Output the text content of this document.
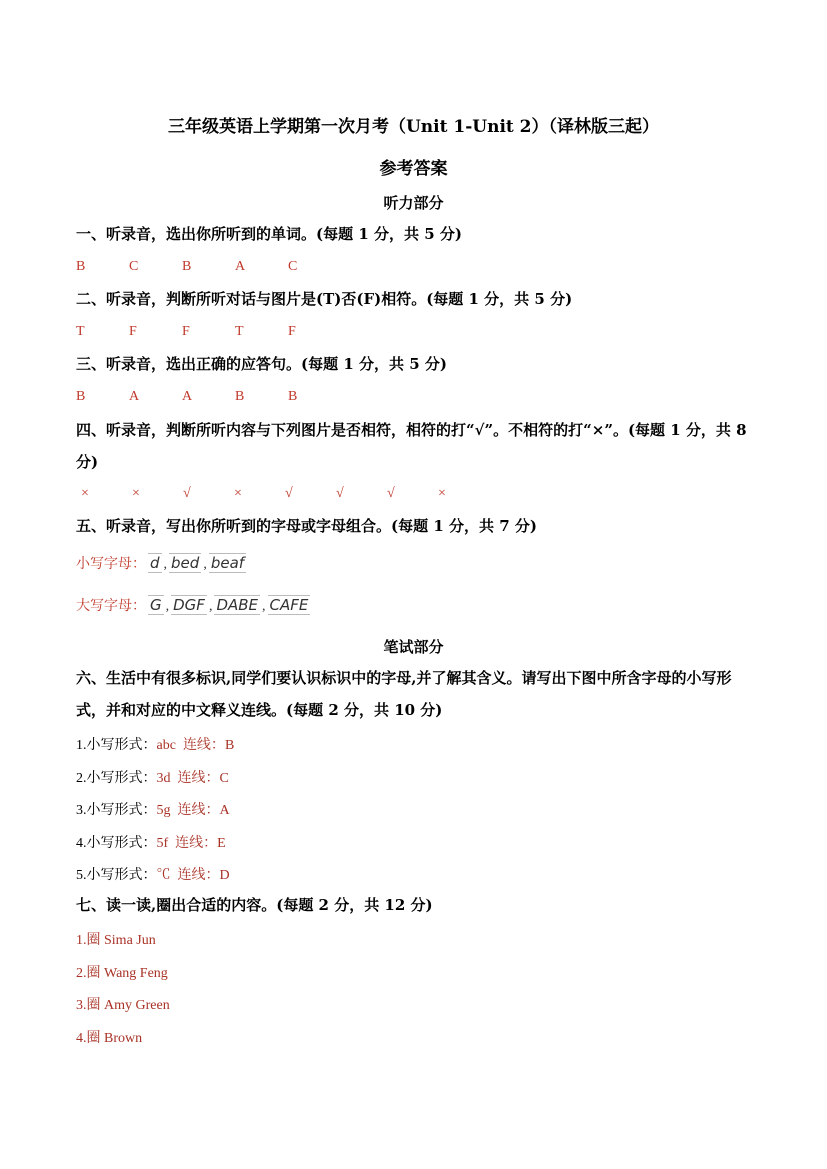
三年级英语上学期第一次月考（Unit 1-Unit 2）（译林版三起）
参考答案
听力部分
一、听录音，选出你所听到的单词。(每题 1 分，共 5 分)
B	C	B	A	C
二、听录音，判断所听对话与图片是(T)否(F)相符。(每题 1 分，共 5 分)
T	F	F	T	F
三、听录音，选出正确的应答句。(每题 1 分，共 5 分)
B	A	A	B	B
四、听录音，判断所听内容与下列图片是否相符，相符的打“√”。不相符的打“×”。(每题 1 分，共 8 分)
×	×	√	×	√	√	√	×
五、听录音，写出你所听到的字母或字母组合。(每题 1 分，共 7 分)
小写字母： d , bed , beaf
大写字母： G , DGF , DABE , CAFE
笔试部分
六、生活中有很多标识,同学们要认识标识中的字母,并了解其含义。请写出下图中所含字母的小写形式，并和对应的中文释义连线。(每题 2 分，共 10 分)
1.小写形式：abc 连线：B
2.小写形式：3d 连线：C
3.小写形式：5g 连线：A
4.小写形式：5f 连线：E
5.小写形式：℃ 连线：D
七、读一读,圈出合适的内容。(每题 2 分，共 12 分)
1.圈 Sima Jun
2.圈 Wang Feng
3.圈 Amy Green
4.圈 Brown
